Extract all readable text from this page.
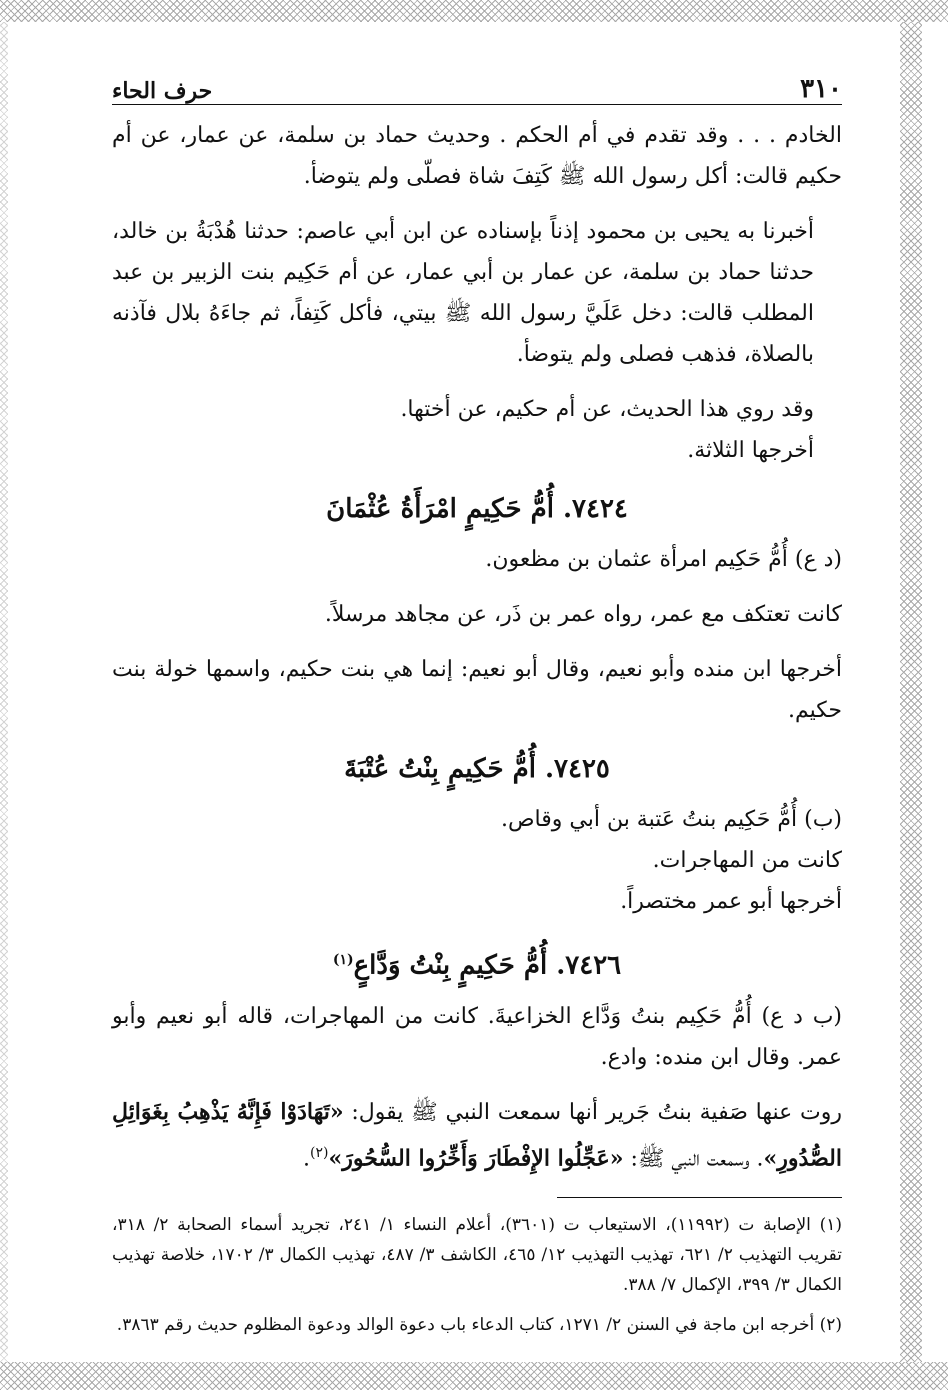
٣١٠
حرف الحاء

الخادم . . . وقد تقدم في أم الحكم . وحديث حماد بن سلمة، عن عمار، عن أم حكيم قالت: أكل رسول الله ﷺ كَتِفَ شاة فصلّى ولم يتوضأ.

أخبرنا به يحيى بن محمود إذناً بإسناده عن ابن أبي عاصم: حدثنا هُدْبَةُ بن خالد، حدثنا حماد بن سلمة، عن عمار بن أبي عمار، عن أم حَكِيم بنت الزبير بن عبد المطلب قالت: دخل عَلَيَّ رسول الله ﷺ بيتي، فأكل كَتِفاً، ثم جاءَهُ بلال فآذنه بالصلاة، فذهب فصلى ولم يتوضأ.

وقد روي هذا الحديث، عن أم حكيم، عن أختها.

أخرجها الثلاثة.

٧٤٢٤. أُمُّ حَكِيمٍ امْرَأَةُ عُثْمَانَ

(د ع) أُمُّ حَكِيم امرأة عثمان بن مظعون.

كانت تعتكف مع عمر، رواه عمر بن ذَر، عن مجاهد مرسلاً.

أخرجها ابن منده وأبو نعيم، وقال أبو نعيم: إنما هي بنت حكيم، واسمها خولة بنت حكيم.

٧٤٢٥. أُمُّ حَكِيمٍ بِنْتُ عُتْبَةَ

(ب) أُمُّ حَكِيم بنتُ عَتبة بن أبي وقاص.

كانت من المهاجرات.

أخرجها أبو عمر مختصراً.

٧٤٢٦. أُمُّ حَكِيمٍ بِنْتُ وَدَّاعٍ$^{(١)}$

(ب د ع) أُمُّ حَكِيم بنتُ وَدَّاع الخزاعيةَ. كانت من المهاجرات، قاله أبو نعيم وأبو عمر. وقال ابن منده: وادع.

روت عنها صَفية بنتُ جَرير أنها سمعت النبي ﷺ يقول: «تَهَادَوْا فَإِنَّهُ يَذْهِبُ بِغَوَائِلِ الصُّدُورِ». وسمعت النبي ﷺ: «عَجِّلُوا الإِفْطَارَ وَأَخِّرُوا السُّحُورَ»$^{(٢)}$.

(١) الإصابة ت (١١٩٩٢)، الاستيعاب ت (٣٦٠١)، أعلام النساء ١/ ٢٤١، تجريد أسماء الصحابة ٢/ ٣١٨، تقريب التهذيب ٢/ ٦٢١، تهذيب التهذيب ١٢/ ٤٦٥، الكاشف ٣/ ٤٨٧، تهذيب الكمال ٣/ ١٧٠٢، خلاصة تهذيب الكمال ٣/ ٣٩٩، الإكمال ٧/ ٣٨٨.

(٢) أخرجه ابن ماجة في السنن ٢/ ١٢٧١، كتاب الدعاء باب دعوة الوالد ودعوة المظلوم حديث رقم ٣٨٦٣.
